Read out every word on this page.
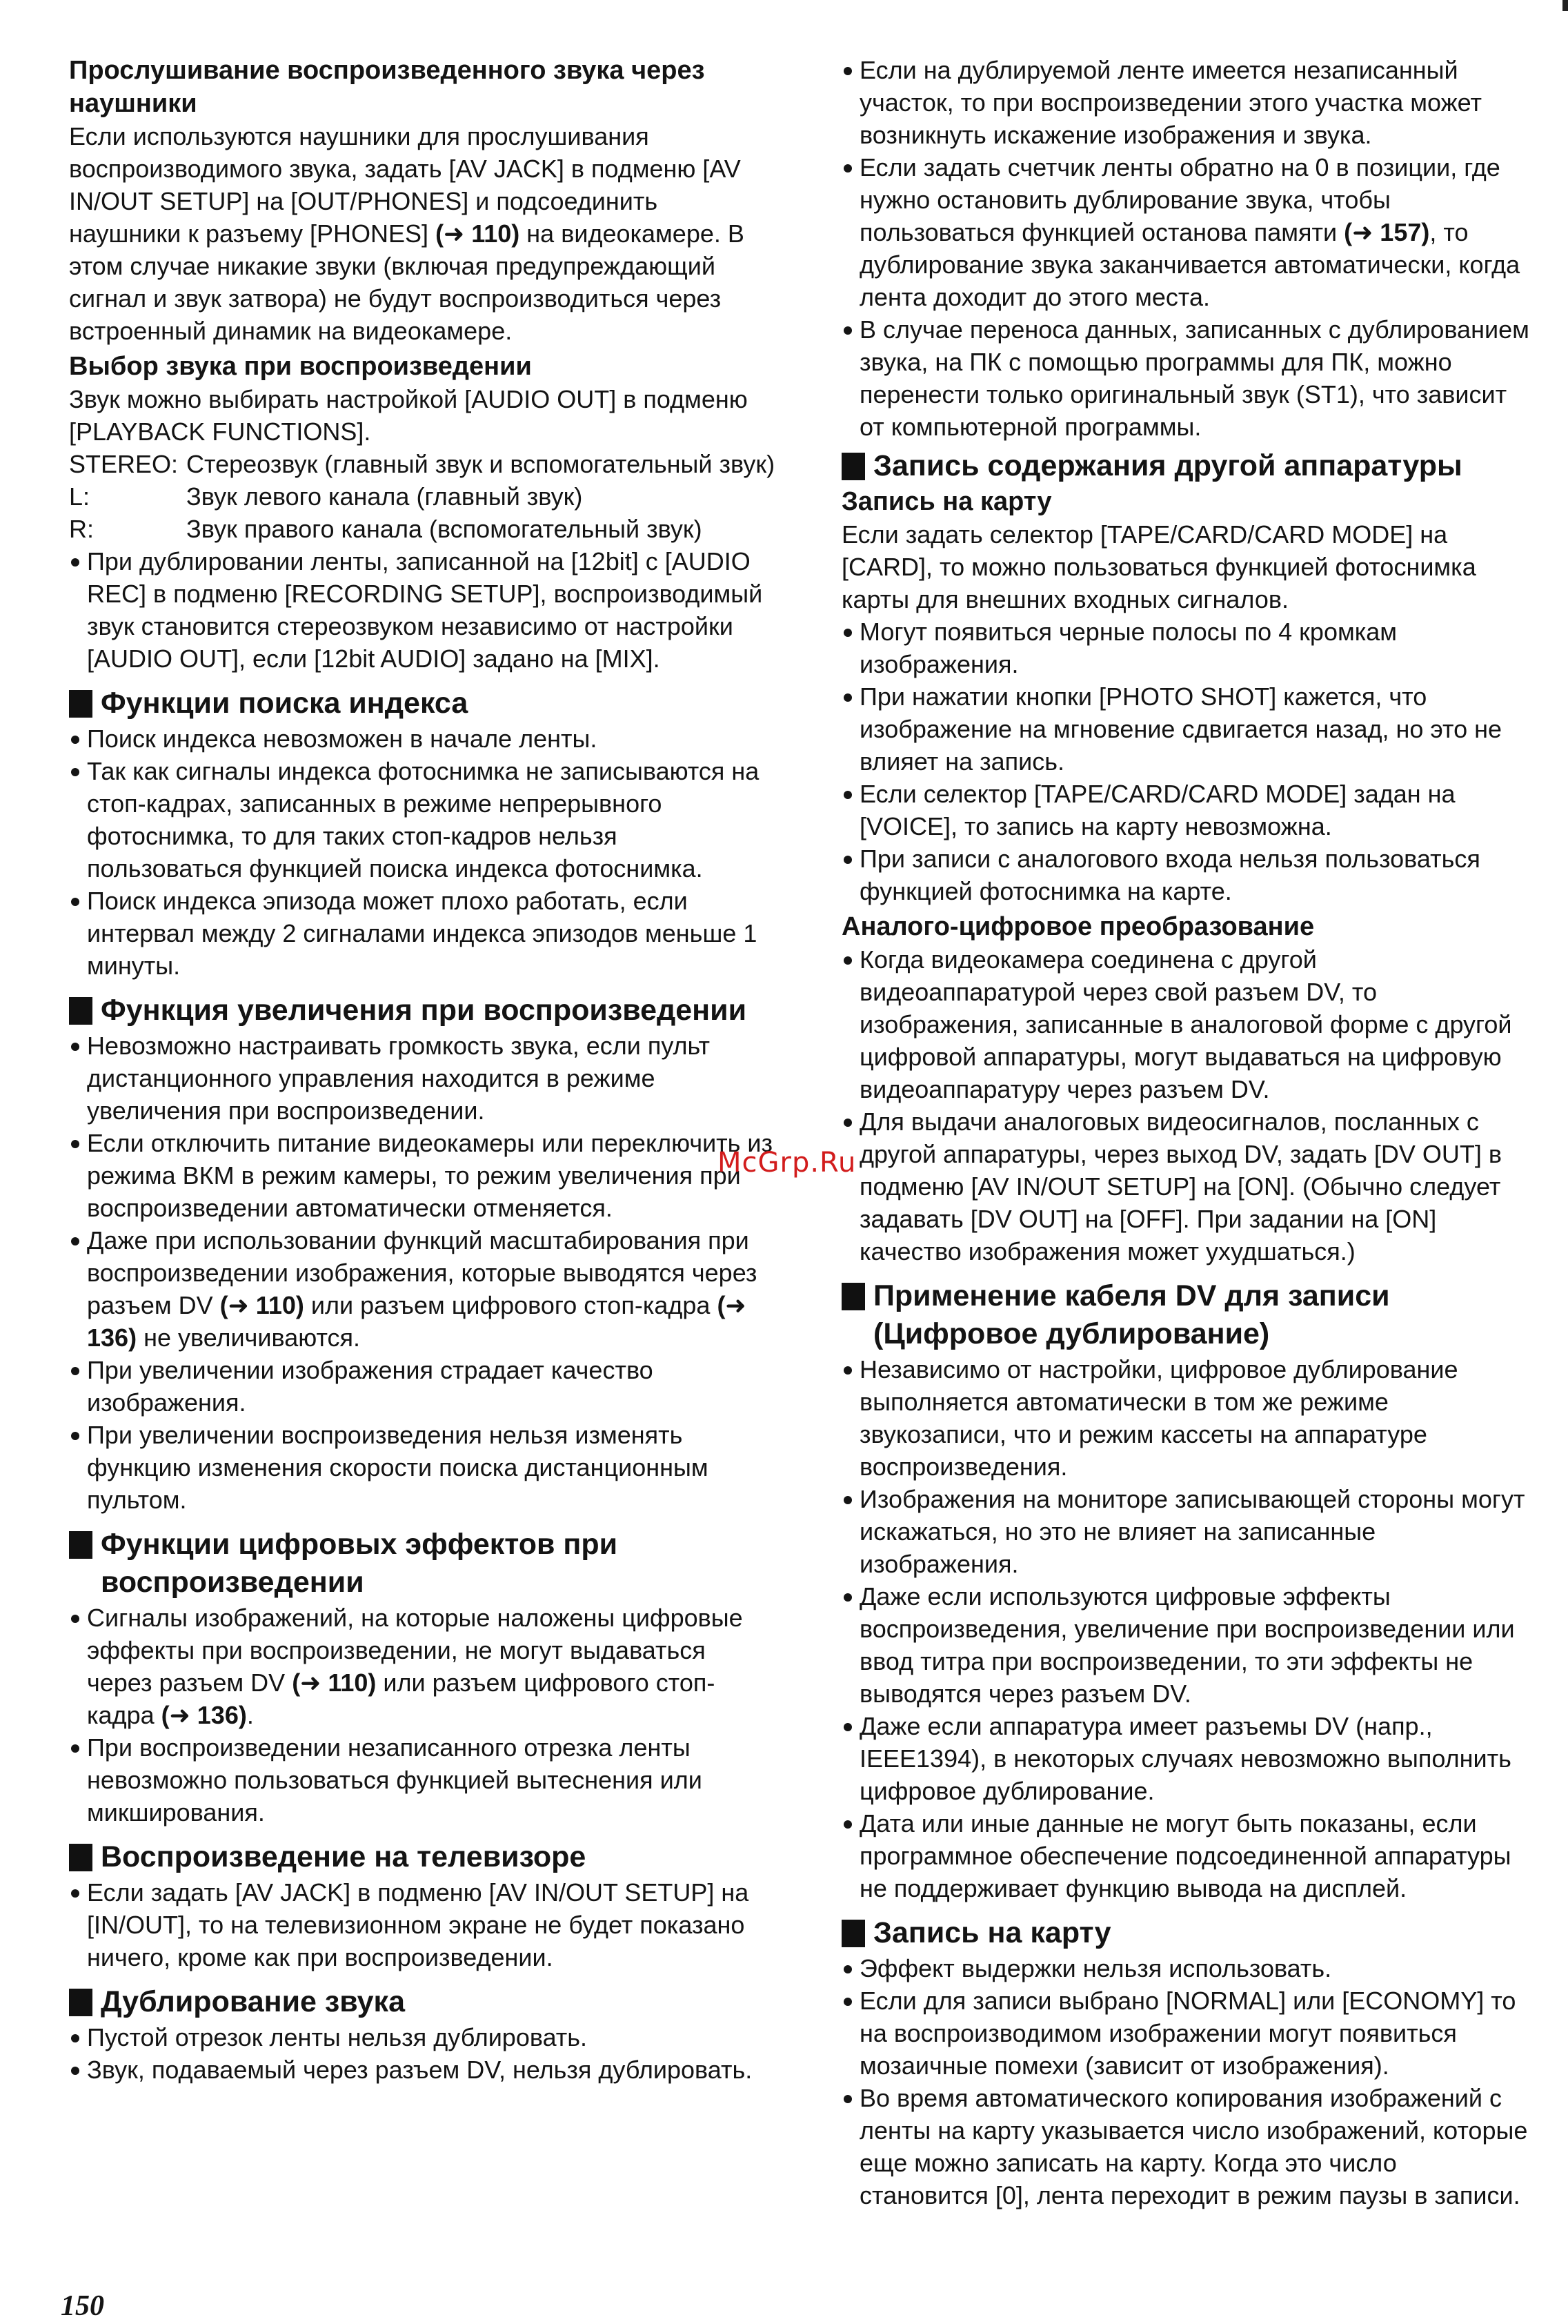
Прослушивание воспроизведенного звука через наушники

Если используются наушники для прослушивания воспроизводимого звука, задать [AV JACK] в подменю [AV IN/OUT SETUP] на [OUT/PHONES] и подсоединить наушники к разъему [PHONES] (➜ 110) на видеокамере. В этом случае никакие звуки (включая предупреждающий сигнал и звук затвора) не будут воспроизводиться через встроенный динамик на видеокамере.

Выбор звука при воспроизведении

Звук можно выбирать настройкой [AUDIO OUT] в подменю [PLAYBACK FUNCTIONS].

STEREO: Стереозвук (главный звук и вспомогательный звук)
L:	Звук левого канала (главный звук)
R:	Звук правого канала (вспомогательный звук)
При дублировании ленты, записанной на [12bit] с [AUDIO REC] в подменю [RECORDING SETUP], воспроизводимый звук становится стереозвуком независимо от настройки [AUDIO OUT], если [12bit AUDIO] задано на [MIX].
Функции поиска индекса
Поиск индекса невозможен в начале ленты.
Так как сигналы индекса фотоснимка не записываются на стоп-кадрах, записанных в режиме непрерывного фотоснимка, то для таких стоп-кадров нельзя пользоваться функцией поиска индекса фотоснимка.
Поиск индекса эпизода может плохо работать, если интервал между 2 сигналами индекса эпизодов меньше 1 минуты.
Функция увеличения при воспроизведении
Невозможно настраивать громкость звука, если пульт дистанционного управления находится в режиме увеличения при воспроизведении.
Если отключить питание видеокамеры или переключить из режима ВКМ в режим камеры, то режим увеличения при воспроизведении автоматически отменяется.
Даже при использовании функций масштабирования при воспроизведении изображения, которые выводятся через разъем DV (➜ 110) или разъем цифрового стоп-кадра (➜ 136) не увеличиваются.
При увеличении изображения страдает качество изображения.
При увеличении воспроизведения нельзя изменять функцию изменения скорости поиска дистанционным пультом.
Функции цифровых эффектов при воспроизведении
Сигналы изображений, на которые наложены цифровые эффекты при воспроизведении, не могут выдаваться через разъем DV (➜ 110) или разъем цифрового стоп-кадра (➜ 136).
При воспроизведении незаписанного отрезка ленты невозможно пользоваться функцией вытеснения или микширования.
Воспроизведение на телевизоре
Если задать [AV JACK] в подменю [AV IN/OUT SETUP] на [IN/OUT], то на телевизионном экране не будет показано ничего, кроме как при воспроизведении.
Дублирование звука
Пустой отрезок ленты нельзя дублировать.
Звук, подаваемый через разъем DV, нельзя дублировать.
Если на дублируемой ленте имеется незаписанный участок, то при воспроизведении этого участка может возникнуть искажение изображения и звука.
Если задать счетчик ленты обратно на 0 в позиции, где нужно остановить дублирование звука, чтобы пользоваться функцией останова памяти (➜ 157), то дублирование звука заканчивается автоматически, когда лента доходит до этого места.
В случае переноса данных, записанных с дублированием звука, на ПК с помощью программы для ПК, можно перенести только оригинальный звук (ST1), что зависит от компьютерной программы.
Запись содержания другой аппаратуры
Запись на карту

Если задать селектор [TAPE/CARD/CARD MODE] на [CARD], то можно пользоваться функцией фотоснимка карты для внешних входных сигналов.

Могут появиться черные полосы по 4 кромкам изображения.
При нажатии кнопки [PHOTO SHOT] кажется, что изображение на мгновение сдвигается назад, но это не влияет на запись.
Если селектор [TAPE/CARD/CARD MODE] задан на [VOICE], то запись на карту невозможна.
При записи с аналогового входа нельзя пользоваться функцией фотоснимка на карте.
Аналого-цифровое преобразование
Когда видеокамера соединена с другой видеоаппаратурой через свой разъем DV, то изображения, записанные в аналоговой форме с другой цифровой аппаратуры, могут выдаваться на цифровую видеоаппаратуру через разъем DV.
Для выдачи аналоговых видеосигналов, посланных с другой аппаратуры, через выход DV, задать [DV OUT] в подменю [AV IN/OUT SETUP] на [ON]. (Обычно следует задавать [DV OUT] на [OFF]. При задании на [ON] качество изображения может ухудшаться.)
Применение кабеля DV для записи (Цифровое дублирование)
Независимо от настройки, цифровое дублирование выполняется автоматически в том же режиме звукозаписи, что и режим кассеты на аппаратуре воспроизведения.
Изображения на мониторе записывающей стороны могут искажаться, но это не влияет на записанные изображения.
Даже если используются цифровые эффекты воспроизведения, увеличение при воспроизведении или ввод титра при воспроизведении, то эти эффекты не выводятся через разъем DV.
Даже если аппаратура имеет разъемы DV (напр., IEEE1394), в некоторых случаях невозможно выполнить цифровое дублирование.
Дата или иные данные не могут быть показаны, если программное обеспечение подсоединенной аппаратуры не поддерживает функцию вывода на дисплей.
Запись на карту
Эффект выдержки нельзя использовать.
Если для записи выбрано [NORMAL] или [ECONOMY] то на воспроизводимом изображении могут появиться мозаичные помехи (зависит от изображения).
Во время автоматического копирования изображений с ленты на карту указывается число изображений, которые еще можно записать на карту. Когда это число становится [0], лента переходит в режим паузы в записи.
McGrp.Ru
150
